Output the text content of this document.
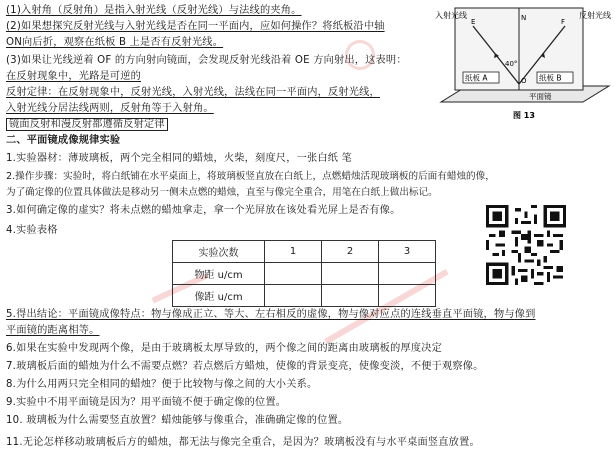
入射光线	反射光线
E	N	F
40°
O
纸板 A	纸板 B
平面镜
图 13
(1)入射角（反射角）是指入射光线（反射光线）与法线的夹角。
(2)如果想探究反射光线与入射光线是否在同一平面内，应如何操作？将纸板沿中轴
ON向后折，观察在纸板 B 上是否有反射光线。
(3)如果让光线逆着 OF 的方向射向镜面，会发现反射光线沿着 OE 方向射出，这表明：
在反射现象中，光路是可逆的
反射定律：在反射现象中，反射光线，入射光线，法线在同一平面内，反射光线，
入射光线分居法线两则，反射角等于入射角。
镜面反射和漫反射都遵循反射定律
二、平面镜成像规律实验
1.实验器材：薄玻璃板，两个完全相同的蜡烛，火柴，刻度尺，一张白纸 笔
2.操作步骤：实验时，将白纸铺在水平桌面上，将玻璃板竖直放在白纸上，点燃蜡烛活现玻璃板的后面有蜡烛的像，
为了确定像的位置具体做法是移动另一侧未点燃的蜡烛，直至与像完全重合，用笔在白纸上做出标记。
3.如何确定像的虚实？将未点燃的蜡烛拿走，拿一个光屏放在该处看光屏上是否有像。
4.实验表格
实验次数	1	2	3
物距 u/cm			
像距 u/cm			
5.得出结论：平面镜成像特点：物与像成正立、等大、左右相反的虚像，物与像对应点的连线垂直平面镜，物与像到
平面镜的距离相等。
6.如果在实验中发现两个像，是由于玻璃板太厚导致的，两个像之间的距离由玻璃板的厚度决定
7.玻璃板后面的蜡烛为什么不需要点燃？若点燃后方蜡烛，使像的背景变亮，使像变淡，不便于观察像。
8.为什么用两只完全相同的蜡烛？便于比较物与像之间的大小关系。
9.实验中不用平面镜是因为？用平面镜不便于确定像的位置。
10. 玻璃板为什么需要竖直放置？蜡烛能够与像重合，准确确定像的位置。
11.无论怎样移动玻璃板后方的蜡烛，都无法与像完全重合，是因为？玻璃板没有与水平桌面竖直放置。
